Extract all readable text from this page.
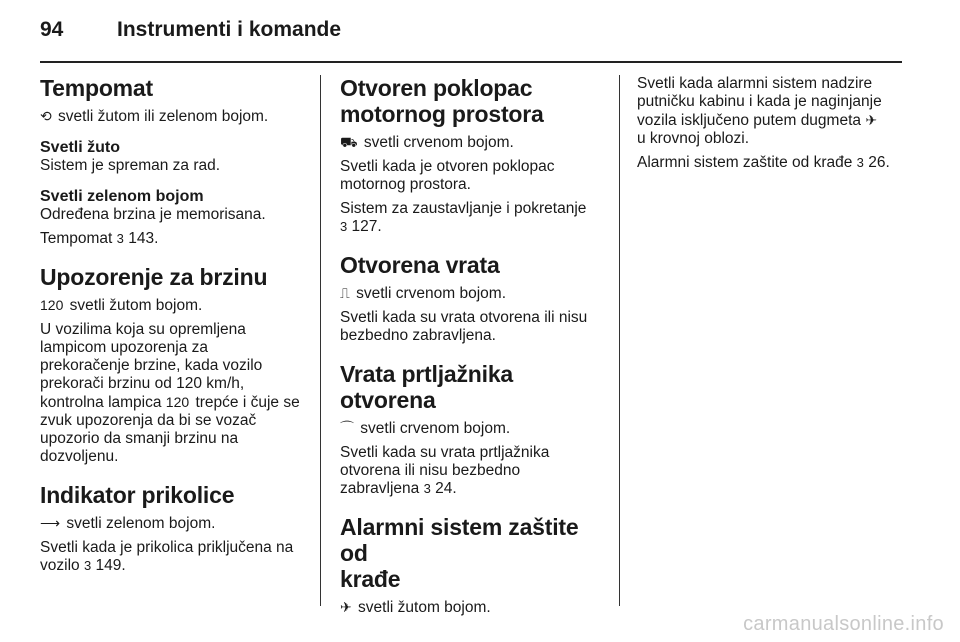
94	Instrumenti i komande
Tempomat

⟲ svetli žutom ili zelenom bojom.

Svetli žuto

Sistem je spreman za rad.

Svetli zelenom bojom

Određena brzina je memorisana.

Tempomat 3 143.

Upozorenje za brzinu

120 svetli žutom bojom.

U vozilima koja su opremljena
lampicom upozorenja za
prekoračenje brzine, kada vozilo
prekorači brzinu od 120 km/h,
kontrolna lampica 120 trepće i čuje se
zvuk upozorenja da bi se vozač
upozorio da smanji brzinu na
dozvoljenu.

Indikator prikolice

⟶ svetli zelenom bojom.

Svetli kada je prikolica priključena na
vozilo 3 149.

Otvoren poklopac
motornog prostora

⛟ svetli crvenom bojom.

Svetli kada je otvoren poklopac
motornog prostora.

Sistem za zaustavljanje i pokretanje
3 127.

Otvorena vrata

⎍ svetli crvenom bojom.

Svetli kada su vrata otvorena ili nisu
bezbedno zabravljena.

Vrata prtljažnika otvorena

⌒ svetli crvenom bojom.

Svetli kada su vrata prtljažnika
otvorena ili nisu bezbedno
zabravljena 3 24.

Alarmni sistem zaštite od
krađe

✈ svetli žutom bojom.

Svetli kada alarmni sistem nadzire
putničku kabinu i kada je naginjanje
vozila isključeno putem dugmeta ✈
u krovnoj oblozi.

Alarmni sistem zaštite od krađe 3 26.

carmanualsonline.info
